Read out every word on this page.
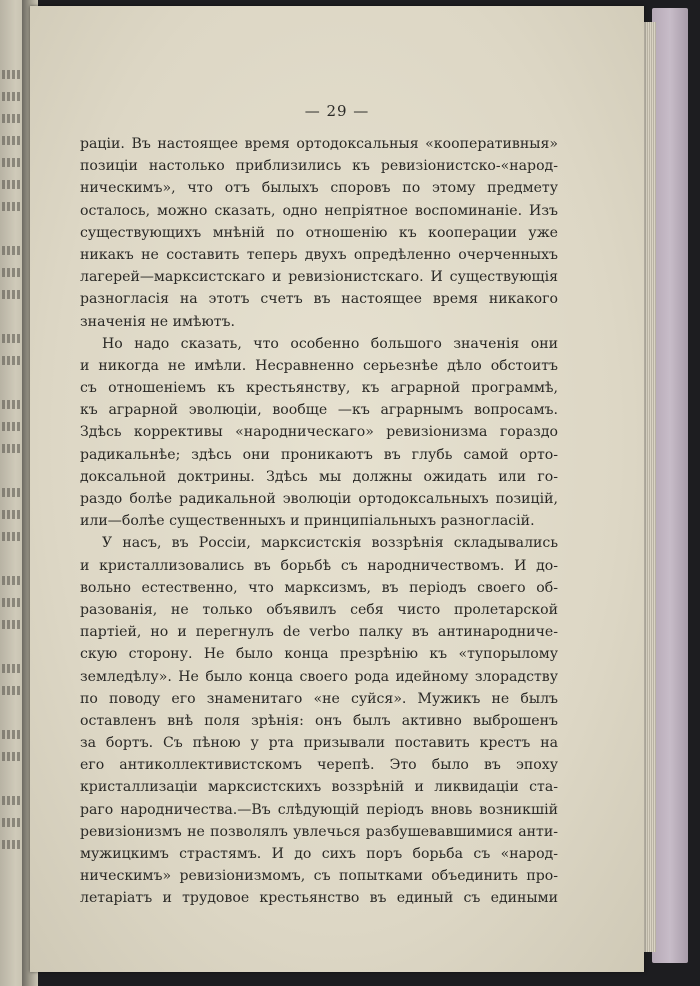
— 29 —
раціи. Въ настоящее время ортодоксальныя «кооперативныя»
позиціи настолько приблизились къ ревизіонистско-«народ-
ническимъ», что отъ былыхъ споровъ по этому предмету
осталось, можно сказать, одно непріятное воспоминаніе. Изъ
существующихъ мнѣній по отношенію къ кооперации уже
никакъ не составить теперь двухъ опредѣленно очерченныхъ
лагерей—марксистскаго и ревизіонистскаго. И существующія
разногласія на этотъ счетъ въ настоящее время никакого
значенія не имѣютъ.
Но надо сказать, что особенно большого значенія они
и никогда не имѣли. Несравненно серьезнѣе дѣло обстоитъ
съ отношеніемъ къ крестьянству, къ аграрной программѣ,
къ аграрной эволюціи, вообще —къ аграрнымъ вопросамъ.
Здѣсь коррективы «народническаго» ревизіонизма гораздо
радикальнѣе; здѣсь они проникаютъ въ глубь самой орто-
доксальной доктрины. Здѣсь мы должны ожидать или го-
раздо болѣе радикальной эволюціи ортодоксальныхъ позицій,
или—болѣе существенныхъ и принципіальныхъ разногласій.
У насъ, въ Россіи, марксистскія воззрѣнія складывались
и кристаллизовались въ борьбѣ съ народничествомъ. И до-
вольно естественно, что марксизмъ, въ періодъ своего об-
разованія, не только объявилъ себя чисто пролетарской
партіей, но и перегнулъ de verbo палку въ антинародниче-
скую сторону. Не было конца презрѣнію къ «тупорылому
земледѣлу». Не было конца своего рода идейному злорадству
по поводу его знаменитаго «не суйся». Мужикъ не былъ
оставленъ внѣ поля зрѣнія: онъ былъ активно выброшенъ
за бортъ. Съ пѣною у рта призывали поставить крестъ на
его антиколлективистскомъ черепѣ. Это было въ эпоху
кристаллизаціи марксистскихъ воззрѣній и ликвидаціи ста-
раго народничества.—Въ слѣдующій періодъ вновь возникшій
ревизіонизмъ не позволялъ увлечься разбушевавшимися анти-
мужицкимъ страстямъ. И до сихъ поръ борьба съ «народ-
ническимъ» ревизіонизмомъ, съ попытками объединить про-
летаріатъ и трудовое крестьянство въ единый съ едиными
